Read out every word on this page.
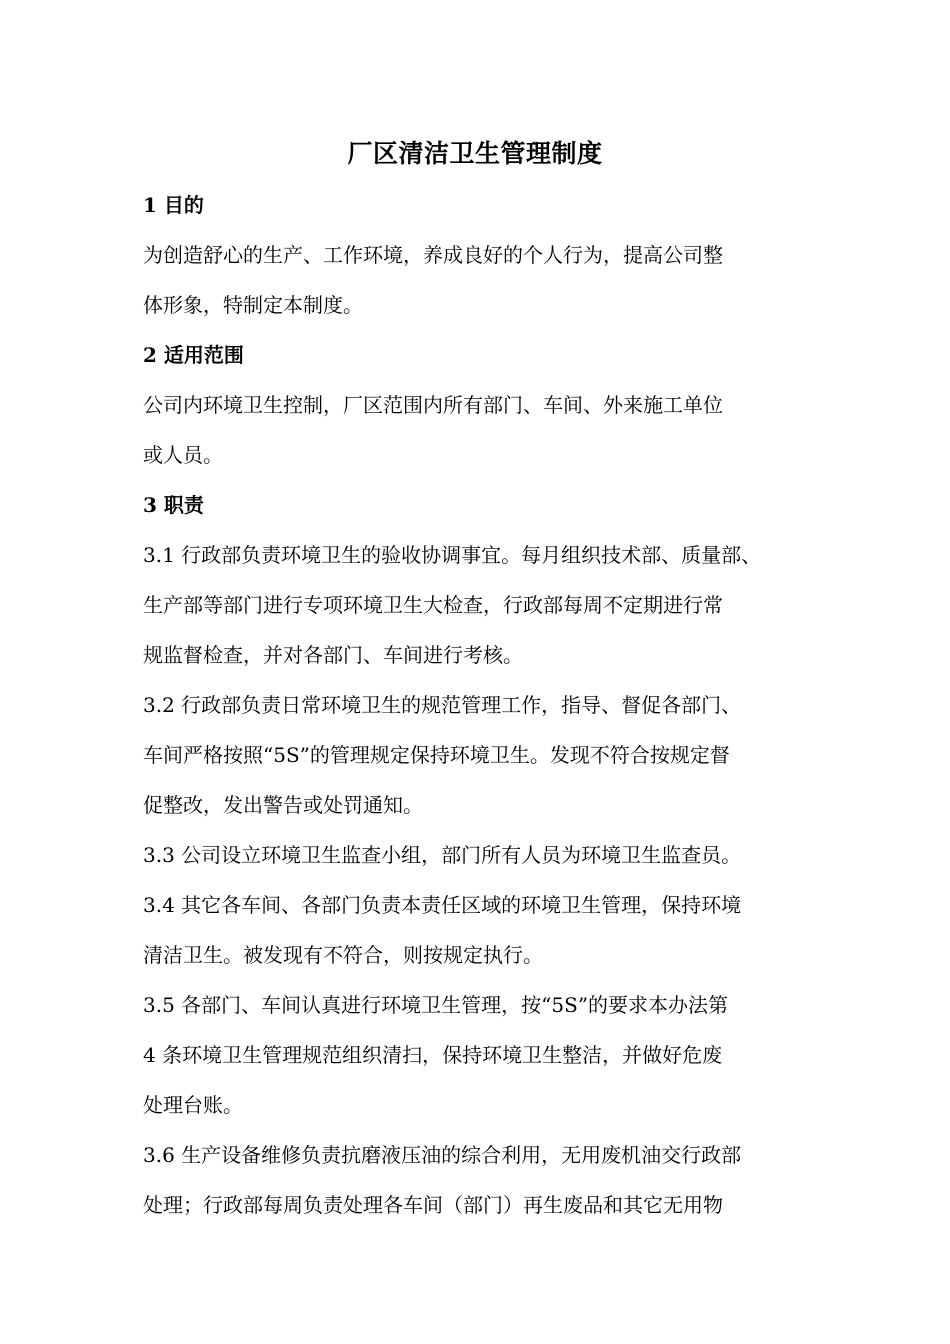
厂区清洁卫生管理制度
1 目的
为创造舒心的生产、工作环境，养成良好的个人行为，提高公司整
体形象，特制定本制度。
2 适用范围
公司内环境卫生控制，厂区范围内所有部门、车间、外来施工单位
或人员。
3 职责
3.1 行政部负责环境卫生的验收协调事宜。每月组织技术部、质量部、
生产部等部门进行专项环境卫生大检查，行政部每周不定期进行常
规监督检查，并对各部门、车间进行考核。
3.2 行政部负责日常环境卫生的规范管理工作，指导、督促各部门、
车间严格按照“5S”的管理规定保持环境卫生。发现不符合按规定督
促整改，发出警告或处罚通知。
3.3 公司设立环境卫生监查小组，部门所有人员为环境卫生监查员。
3.4 其它各车间、各部门负责本责任区域的环境卫生管理，保持环境
清洁卫生。被发现有不符合，则按规定执行。
3.5 各部门、车间认真进行环境卫生管理，按“5S”的要求本办法第
4 条环境卫生管理规范组织清扫，保持环境卫生整洁，并做好危废
处理台账。
3.6 生产设备维修负责抗磨液压油的综合利用，无用废机油交行政部
处理；行政部每周负责处理各车间（部门）再生废品和其它无用物
